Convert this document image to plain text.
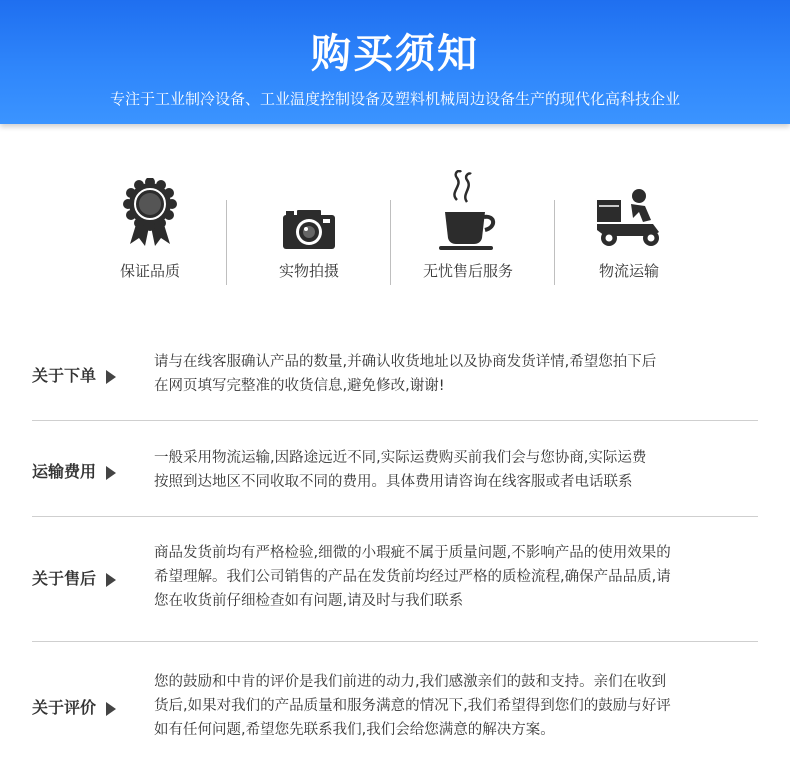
购买须知
专注于工业制冷设备、工业温度控制设备及塑料机械周边设备生产的现代化高科技企业
保证品质	实物拍摄	无忧售后服务	物流运输
关于下单
请与在线客服确认产品的数量,并确认收货地址以及协商发货详情,希望您拍下后
在网页填写完整准的收货信息,避免修改,谢谢!
运输费用
一般采用物流运输,因路途远近不同,实际运费购买前我们会与您协商,实际运费
按照到达地区不同收取不同的费用。具体费用请咨询在线客服或者电话联系
关于售后
商品发货前均有严格检验,细微的小瑕疵不属于质量问题,不影响产品的使用效果的
希望理解。我们公司销售的产品在发货前均经过严格的质检流程,确保产品品质,请
您在收货前仔细检查如有问题,请及时与我们联系
关于评价
您的鼓励和中肯的评价是我们前进的动力,我们感激亲们的鼓和支持。亲们在收到
货后,如果对我们的产品质量和服务满意的情况下,我们希望得到您们的鼓励与好评
如有任何问题,希望您先联系我们,我们会给您满意的解决方案。
